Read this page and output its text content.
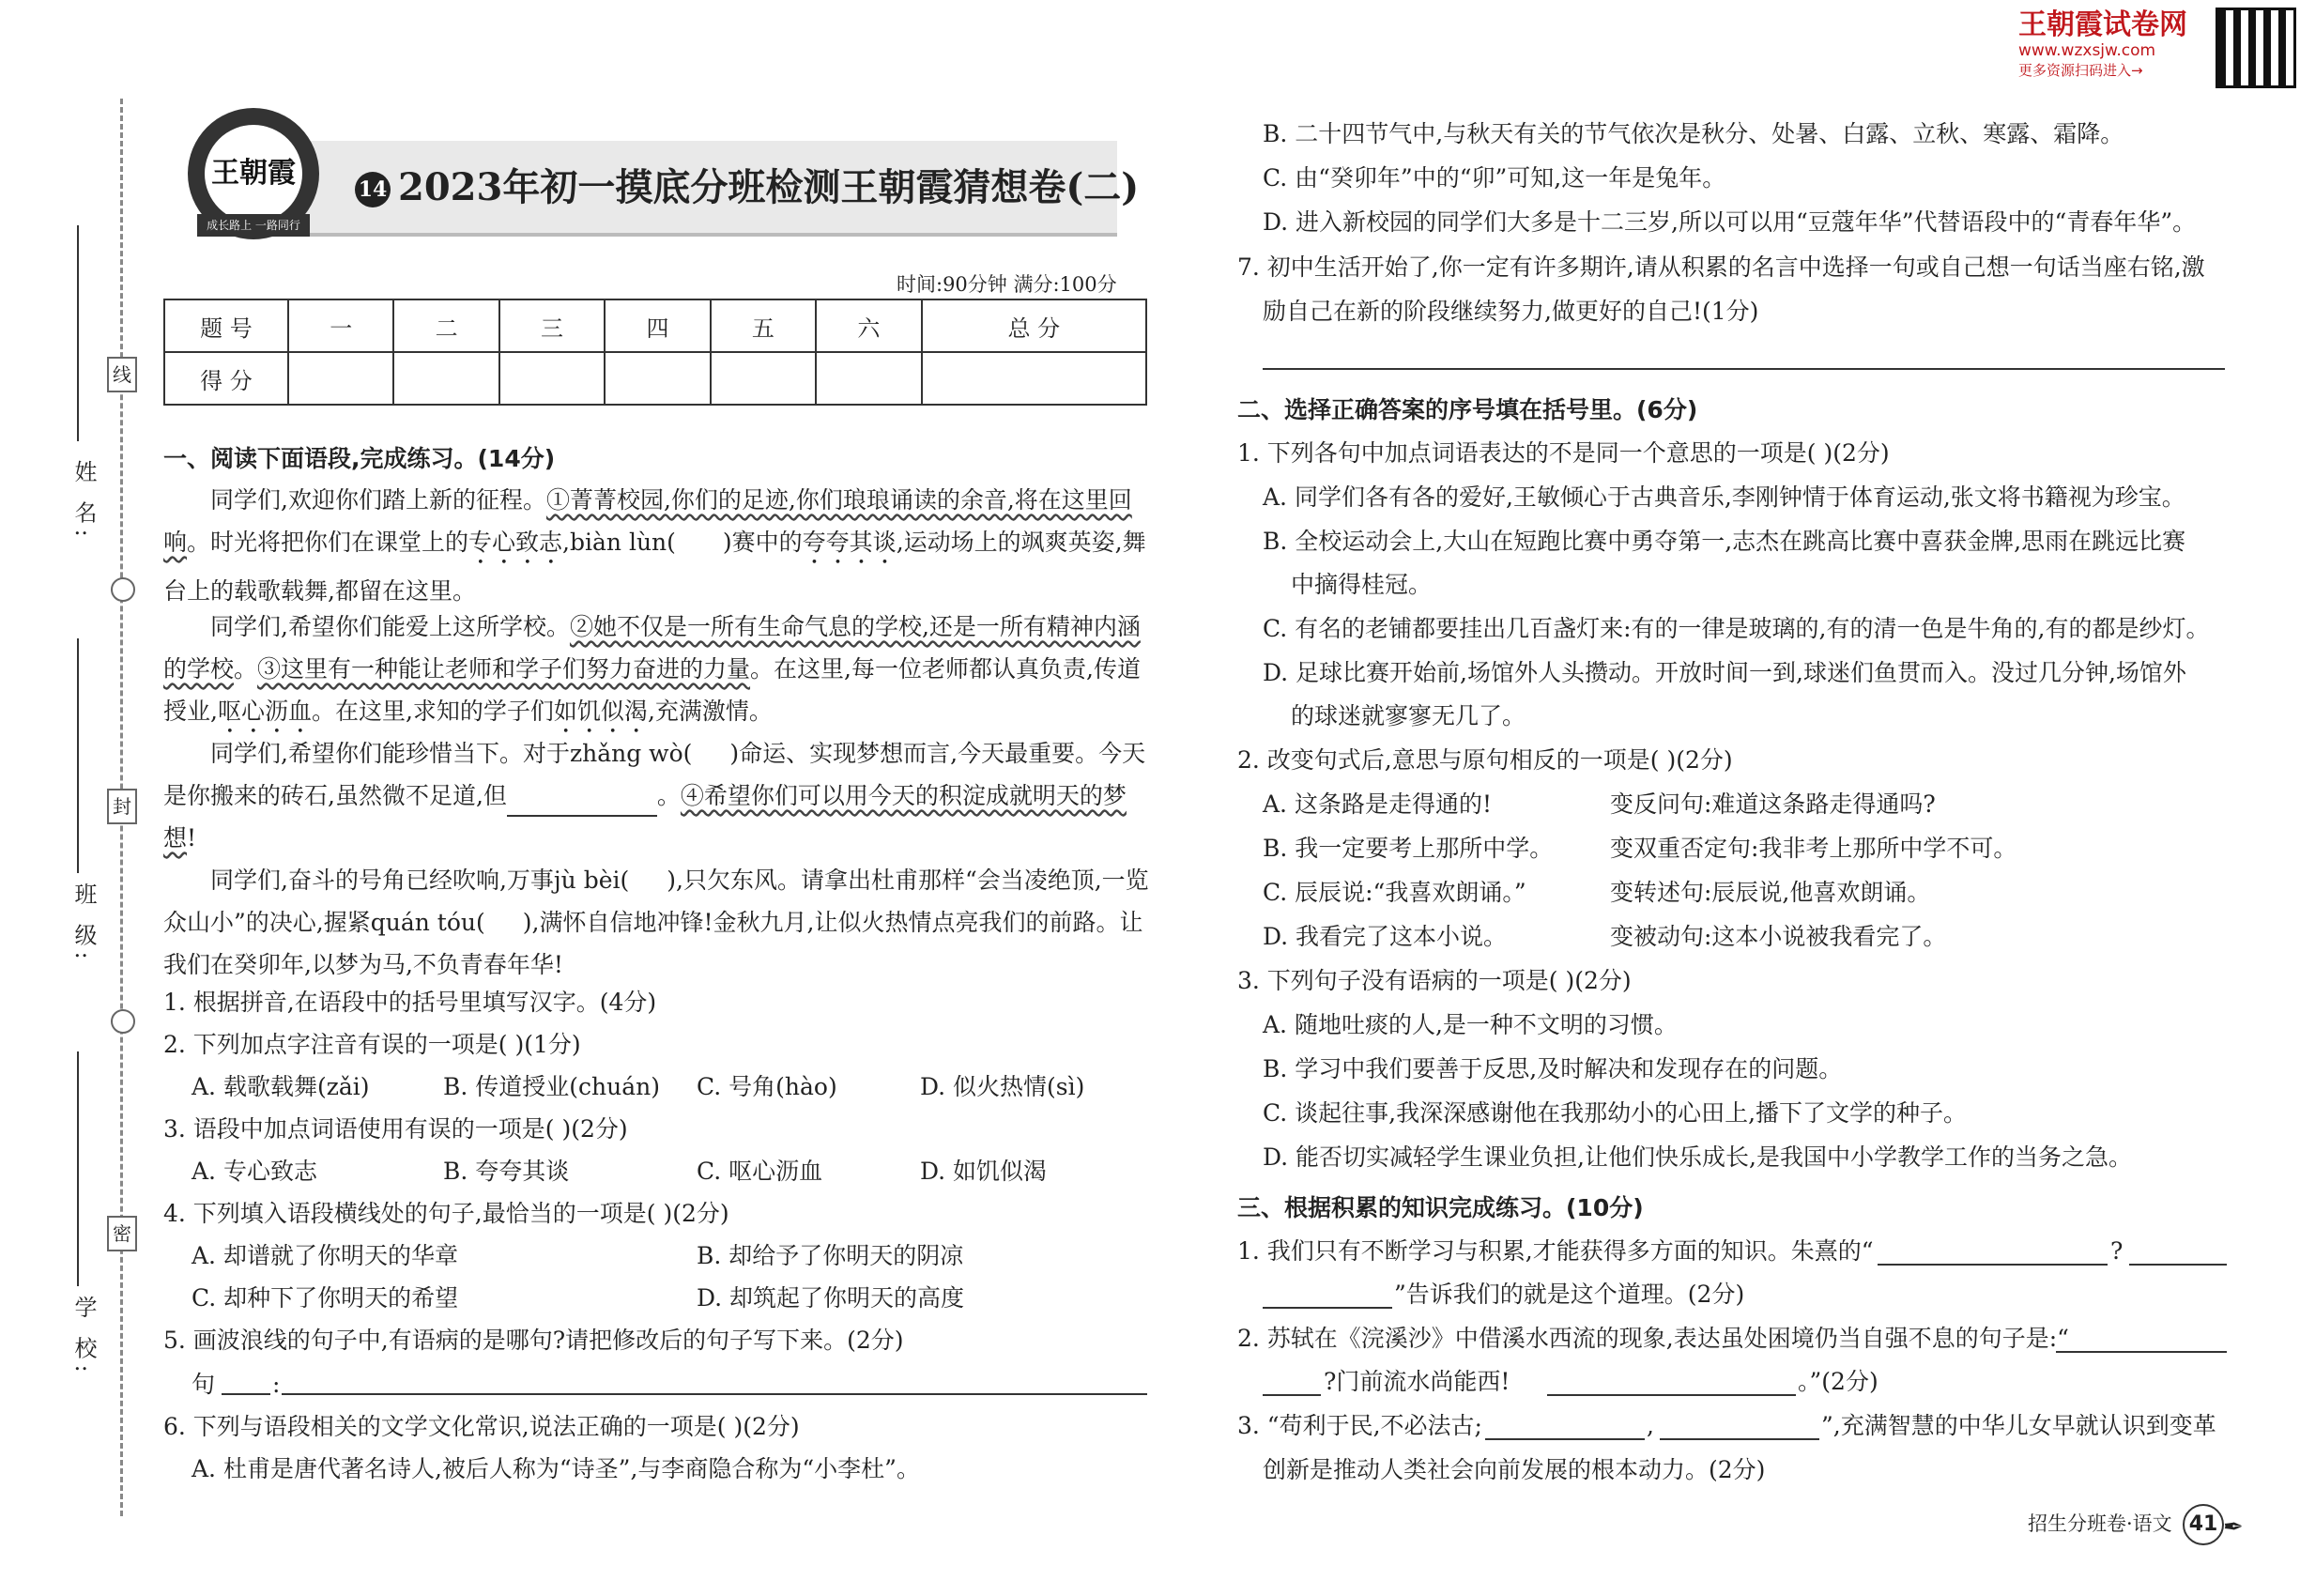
王朝霞试卷网
www.wzxsjw.com
更多资源扫码进入→
线
封
密
姓 名:
班 级:
学 校:
王朝霞
成长路上 一路同行
14 2023年初一摸底分班检测王朝霞猜想卷(二)
时间:90分钟 满分:100分
题 号	一	二	三	四	五	六	总 分
得 分							
一、阅读下面语段,完成练习。(14分)
同学们,欢迎你们踏上新的征程。①菁菁校园,你们的足迹,你们琅琅诵读的余音,将在这里回响。时光将把你们在课堂上的专心致志,biàn lùn( )赛中的夸夸其谈,运动场上的飒爽英姿,舞台上的载歌载舞,都留在这里。
同学们,希望你们能爱上这所学校。②她不仅是一所有生命气息的学校,还是一所有精神内涵的学校。③这里有一种能让老师和学子们努力奋进的力量。在这里,每一位老师都认真负责,传道授业,呕心沥血。在这里,求知的学子们如饥似渴,充满激情。
同学们,希望你们能珍惜当下。对于zhǎng wò( )命运、实现梦想而言,今天最重要。今天是你搬来的砖石,虽然微不足道,但	。④希望你们可以用今天的积淀成就明天的梦想!
同学们,奋斗的号角已经吹响,万事jù bèi( ),只欠东风。请拿出杜甫那样“会当凌绝顶,一览众山小”的决心,握紧quán tóu( ),满怀自信地冲锋!金秋九月,让似火热情点亮我们的前路。让我们在癸卯年,以梦为马,不负青春年华!
1. 根据拼音,在语段中的括号里填写汉字。(4分)
2. 下列加点字注音有误的一项是( )(1分)
A. 载歌载舞(zǎi)	B. 传道授业(chuán) C. 号角(hào)	D. 似火热情(sì)
3. 语段中加点词语使用有误的一项是( )(2分)
A. 专心致志	B. 夸夸其谈	C. 呕心沥血	D. 如饥似渴
4. 下列填入语段横线处的句子,最恰当的一项是( )(2分)
A. 却谱就了你明天的华章	B. 却给予了你明天的阴凉
C. 却种下了你明天的希望	D. 却筑起了你明天的高度
5. 画波浪线的句子中,有语病的是哪句?请把修改后的句子写下来。(2分)
句 :
6. 下列与语段相关的文学文化常识,说法正确的一项是( )(2分)
A. 杜甫是唐代著名诗人,被后人称为“诗圣”,与李商隐合称为“小李杜”。
B. 二十四节气中,与秋天有关的节气依次是秋分、处暑、白露、立秋、寒露、霜降。
C. 由“癸卯年”中的“卯”可知,这一年是兔年。
D. 进入新校园的同学们大多是十二三岁,所以可以用“豆蔻年华”代替语段中的“青春年华”。
7. 初中生活开始了,你一定有许多期许,请从积累的名言中选择一句或自己想一句话当座右铭,激
励自己在新的阶段继续努力,做更好的自己!(1分)
二、选择正确答案的序号填在括号里。(6分)
1. 下列各句中加点词语表达的不是同一个意思的一项是( )(2分)
A. 同学们各有各的爱好,王敏倾心于古典音乐,李刚钟情于体育运动,张文将书籍视为珍宝。
B. 全校运动会上,大山在短跑比赛中勇夺第一,志杰在跳高比赛中喜获金牌,思雨在跳远比赛
中摘得桂冠。
C. 有名的老铺都要挂出几百盏灯来:有的一律是玻璃的,有的清一色是牛角的,有的都是纱灯。
D. 足球比赛开始前,场馆外人头攒动。开放时间一到,球迷们鱼贯而入。没过几分钟,场馆外
的球迷就寥寥无几了。
2. 改变句式后,意思与原句相反的一项是( )(2分)
A. 这条路是走得通的!	变反问句:难道这条路走得通吗?
B. 我一定要考上那所中学。 变双重否定句:我非考上那所中学不可。
C. 辰辰说:“我喜欢朗诵。”	变转述句:辰辰说,他喜欢朗诵。
D. 我看完了这本小说。	变被动句:这本小说被我看完了。
3. 下列句子没有语病的一项是( )(2分)
A. 随地吐痰的人,是一种不文明的习惯。
B. 学习中我们要善于反思,及时解决和发现存在的问题。
C. 谈起往事,我深深感谢他在我那幼小的心田上,播下了文学的种子。
D. 能否切实减轻学生课业负担,让他们快乐成长,是我国中小学教学工作的当务之急。
三、根据积累的知识完成练习。(10分)
1. 我们只有不断学习与积累,才能获得多方面的知识。朱熹的“	?
”告诉我们的就是这个道理。(2分)
2. 苏轼在《浣溪沙》中借溪水西流的现象,表达虽处困境仍当自强不息的句子是:“
?门前流水尚能西!	。”(2分)
3. “苟利于民,不必法古;	,	”,充满智慧的中华儿女早就认识到变革
创新是推动人类社会向前发展的根本动力。(2分)
招生分班卷·语文 41 ✒
